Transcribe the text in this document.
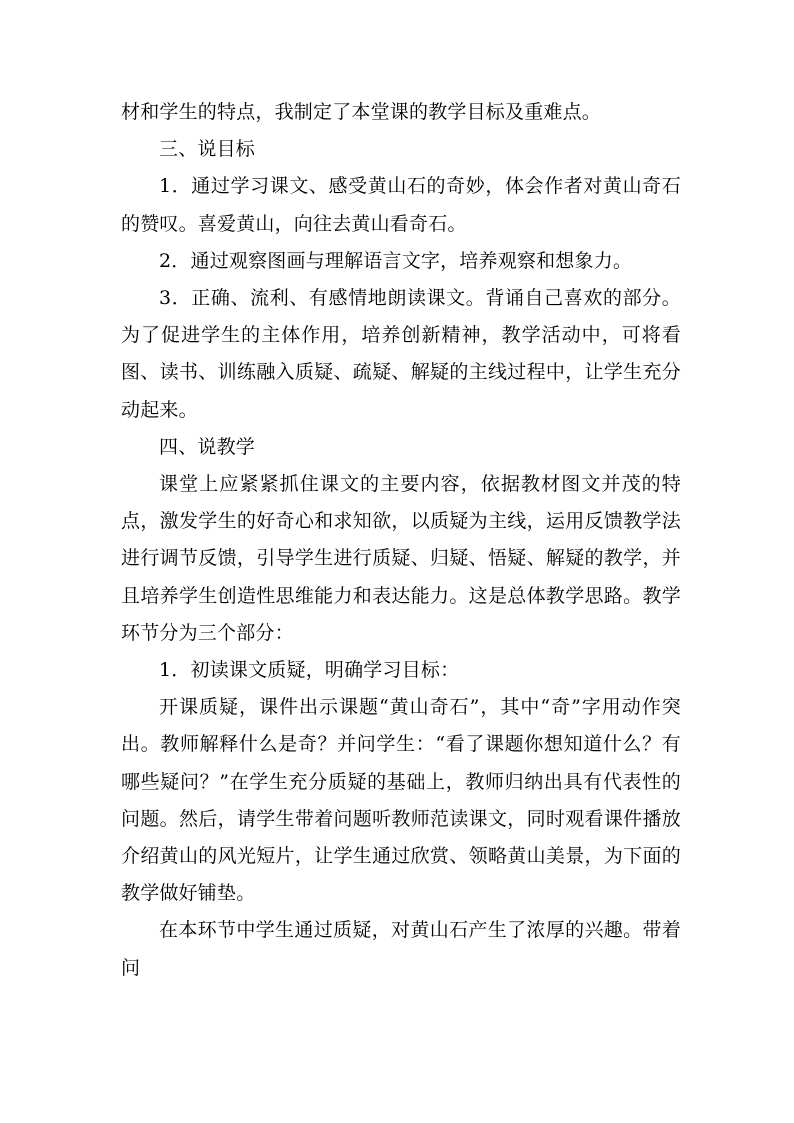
材和学生的特点，我制定了本堂课的教学目标及重难点。

三、说目标

1．通过学习课文、感受黄山石的奇妙，体会作者对黄山奇石的赞叹。喜爱黄山，向往去黄山看奇石。

2．通过观察图画与理解语言文字，培养观察和想象力。

3．正确、流利、有感情地朗读课文。背诵自己喜欢的部分。为了促进学生的主体作用，培养创新精神，教学活动中，可将看图、读书、训练融入质疑、疏疑、解疑的主线过程中，让学生充分动起来。

四、说教学

课堂上应紧紧抓住课文的主要内容，依据教材图文并茂的特点，激发学生的好奇心和求知欲，以质疑为主线，运用反馈教学法进行调节反馈，引导学生进行质疑、归疑、悟疑、解疑的教学，并且培养学生创造性思维能力和表达能力。这是总体教学思路。教学环节分为三个部分：

1．初读课文质疑，明确学习目标：

开课质疑，课件出示课题“黄山奇石”，其中“奇”字用动作突出。教师解释什么是奇？并问学生：“看了课题你想知道什么？有哪些疑问？”在学生充分质疑的基础上，教师归纳出具有代表性的问题。然后，请学生带着问题听教师范读课文，同时观看课件播放介绍黄山的风光短片，让学生通过欣赏、领略黄山美景，为下面的教学做好铺垫。

在本环节中学生通过质疑，对黄山石产生了浓厚的兴趣。带着问
